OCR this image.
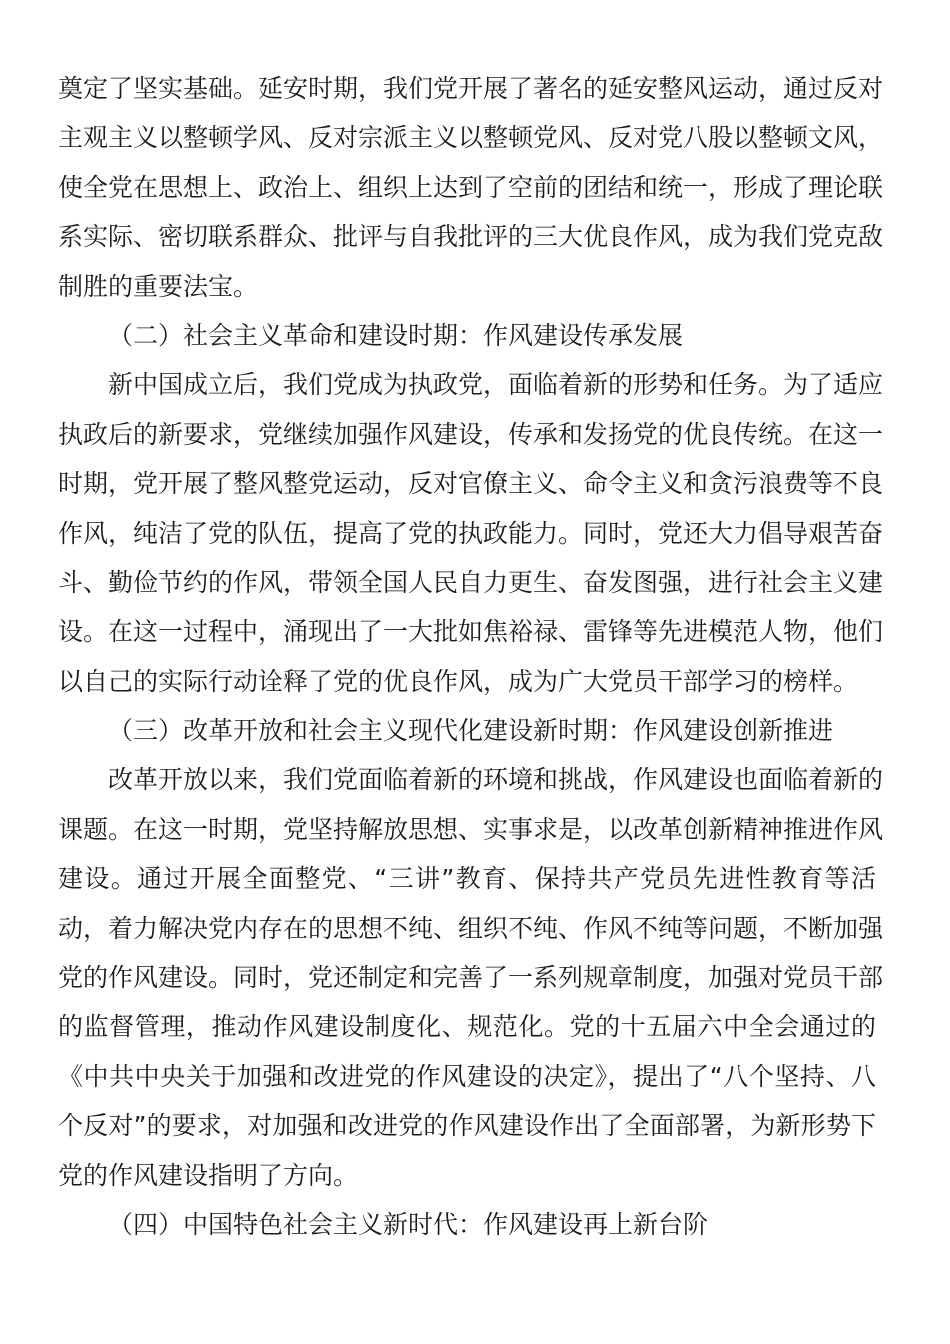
奠定了坚实基础。延安时期，我们党开展了著名的延安整风运动，通过反对
主观主义以整顿学风、反对宗派主义以整顿党风、反对党八股以整顿文风，
使全党在思想上、政治上、组织上达到了空前的团结和统一，形成了理论联
系实际、密切联系群众、批评与自我批评的三大优良作风，成为我们党克敌
制胜的重要法宝。
（二）社会主义革命和建设时期：作风建设传承发展
新中国成立后，我们党成为执政党，面临着新的形势和任务。为了适应
执政后的新要求，党继续加强作风建设，传承和发扬党的优良传统。在这一
时期，党开展了整风整党运动，反对官僚主义、命令主义和贪污浪费等不良
作风，纯洁了党的队伍，提高了党的执政能力。同时，党还大力倡导艰苦奋
斗、勤俭节约的作风，带领全国人民自力更生、奋发图强，进行社会主义建
设。在这一过程中，涌现出了一大批如焦裕禄、雷锋等先进模范人物，他们
以自己的实际行动诠释了党的优良作风，成为广大党员干部学习的榜样。
（三）改革开放和社会主义现代化建设新时期：作风建设创新推进
改革开放以来，我们党面临着新的环境和挑战，作风建设也面临着新的
课题。在这一时期，党坚持解放思想、实事求是，以改革创新精神推进作风
建设。通过开展全面整党、“三讲”教育、保持共产党员先进性教育等活
动，着力解决党内存在的思想不纯、组织不纯、作风不纯等问题，不断加强
党的作风建设。同时，党还制定和完善了一系列规章制度，加强对党员干部
的监督管理，推动作风建设制度化、规范化。党的十五届六中全会通过的
《中共中央关于加强和改进党的作风建设的决定》，提出了“八个坚持、八
个反对”的要求，对加强和改进党的作风建设作出了全面部署，为新形势下
党的作风建设指明了方向。
（四）中国特色社会主义新时代：作风建设再上新台阶
